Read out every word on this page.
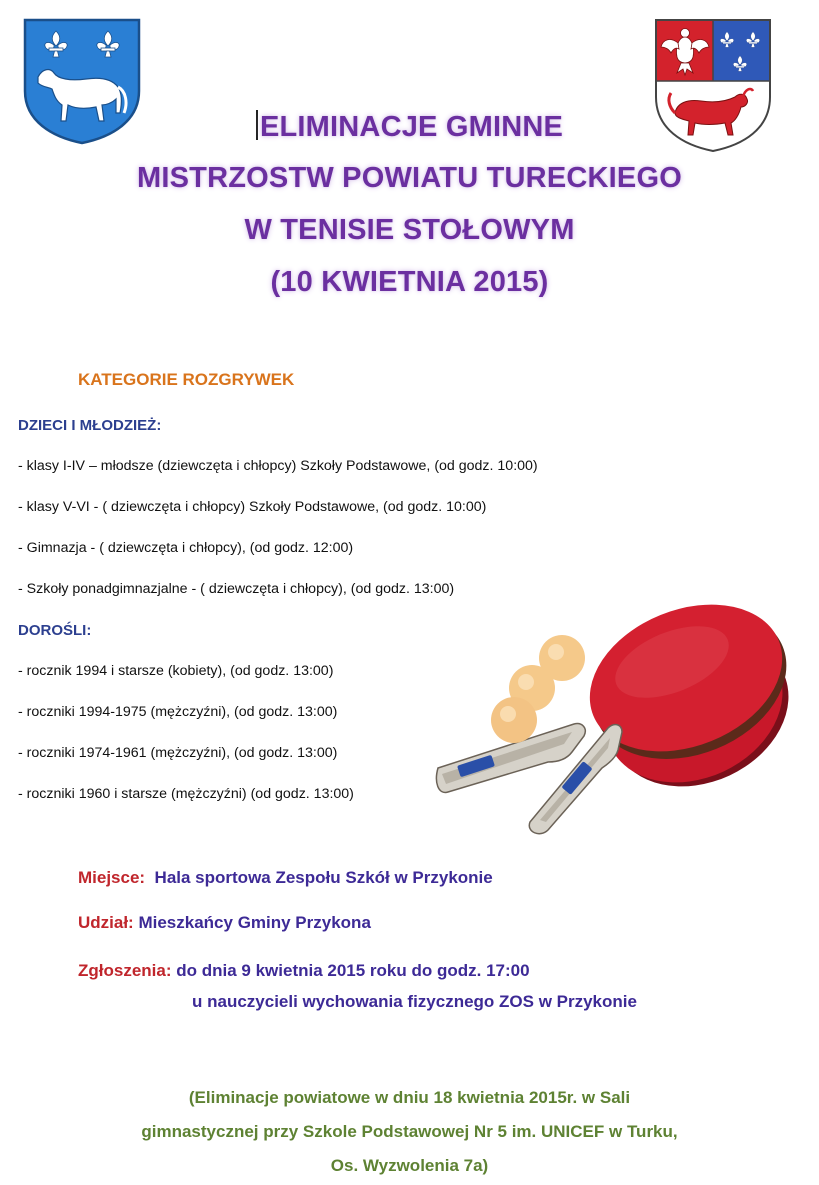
ELIMINACJE GMINNE
MISTRZOSTW POWIATU TURECKIEGO
W TENISIE STOŁOWYM
(10 KWIETNIA 2015)
KATEGORIE ROZGRYWEK
DZIECI I MŁODZIEŻ:
- klasy I-IV – młodsze (dziewczęta i chłopcy) Szkoły Podstawowe, (od godz. 10:00)
- klasy V-VI - ( dziewczęta i chłopcy) Szkoły Podstawowe, (od godz. 10:00)
- Gimnazja - ( dziewczęta i chłopcy), (od godz. 12:00)
- Szkoły ponadgimnazjalne - ( dziewczęta i chłopcy), (od godz. 13:00)
DOROŚLI:
- rocznik 1994 i starsze (kobiety), (od godz. 13:00)
- roczniki 1994-1975 (mężczyźni), (od godz. 13:00)
- roczniki 1974-1961 (mężczyźni), (od godz. 13:00)
- roczniki 1960 i starsze (mężczyźni) (od godz. 13:00)
Miejsce: Hala sportowa Zespołu Szkół w Przykonie
Udział: Mieszkańcy Gminy Przykona
Zgłoszenia: do dnia 9 kwietnia 2015 roku do godz. 17:00
u nauczycieli wychowania fizycznego ZOS w Przykonie
(Eliminacje powiatowe w dniu 18 kwietnia 2015r. w Sali
gimnastycznej przy Szkole Podstawowej Nr 5 im. UNICEF w Turku,
Os. Wyzwolenia 7a)
